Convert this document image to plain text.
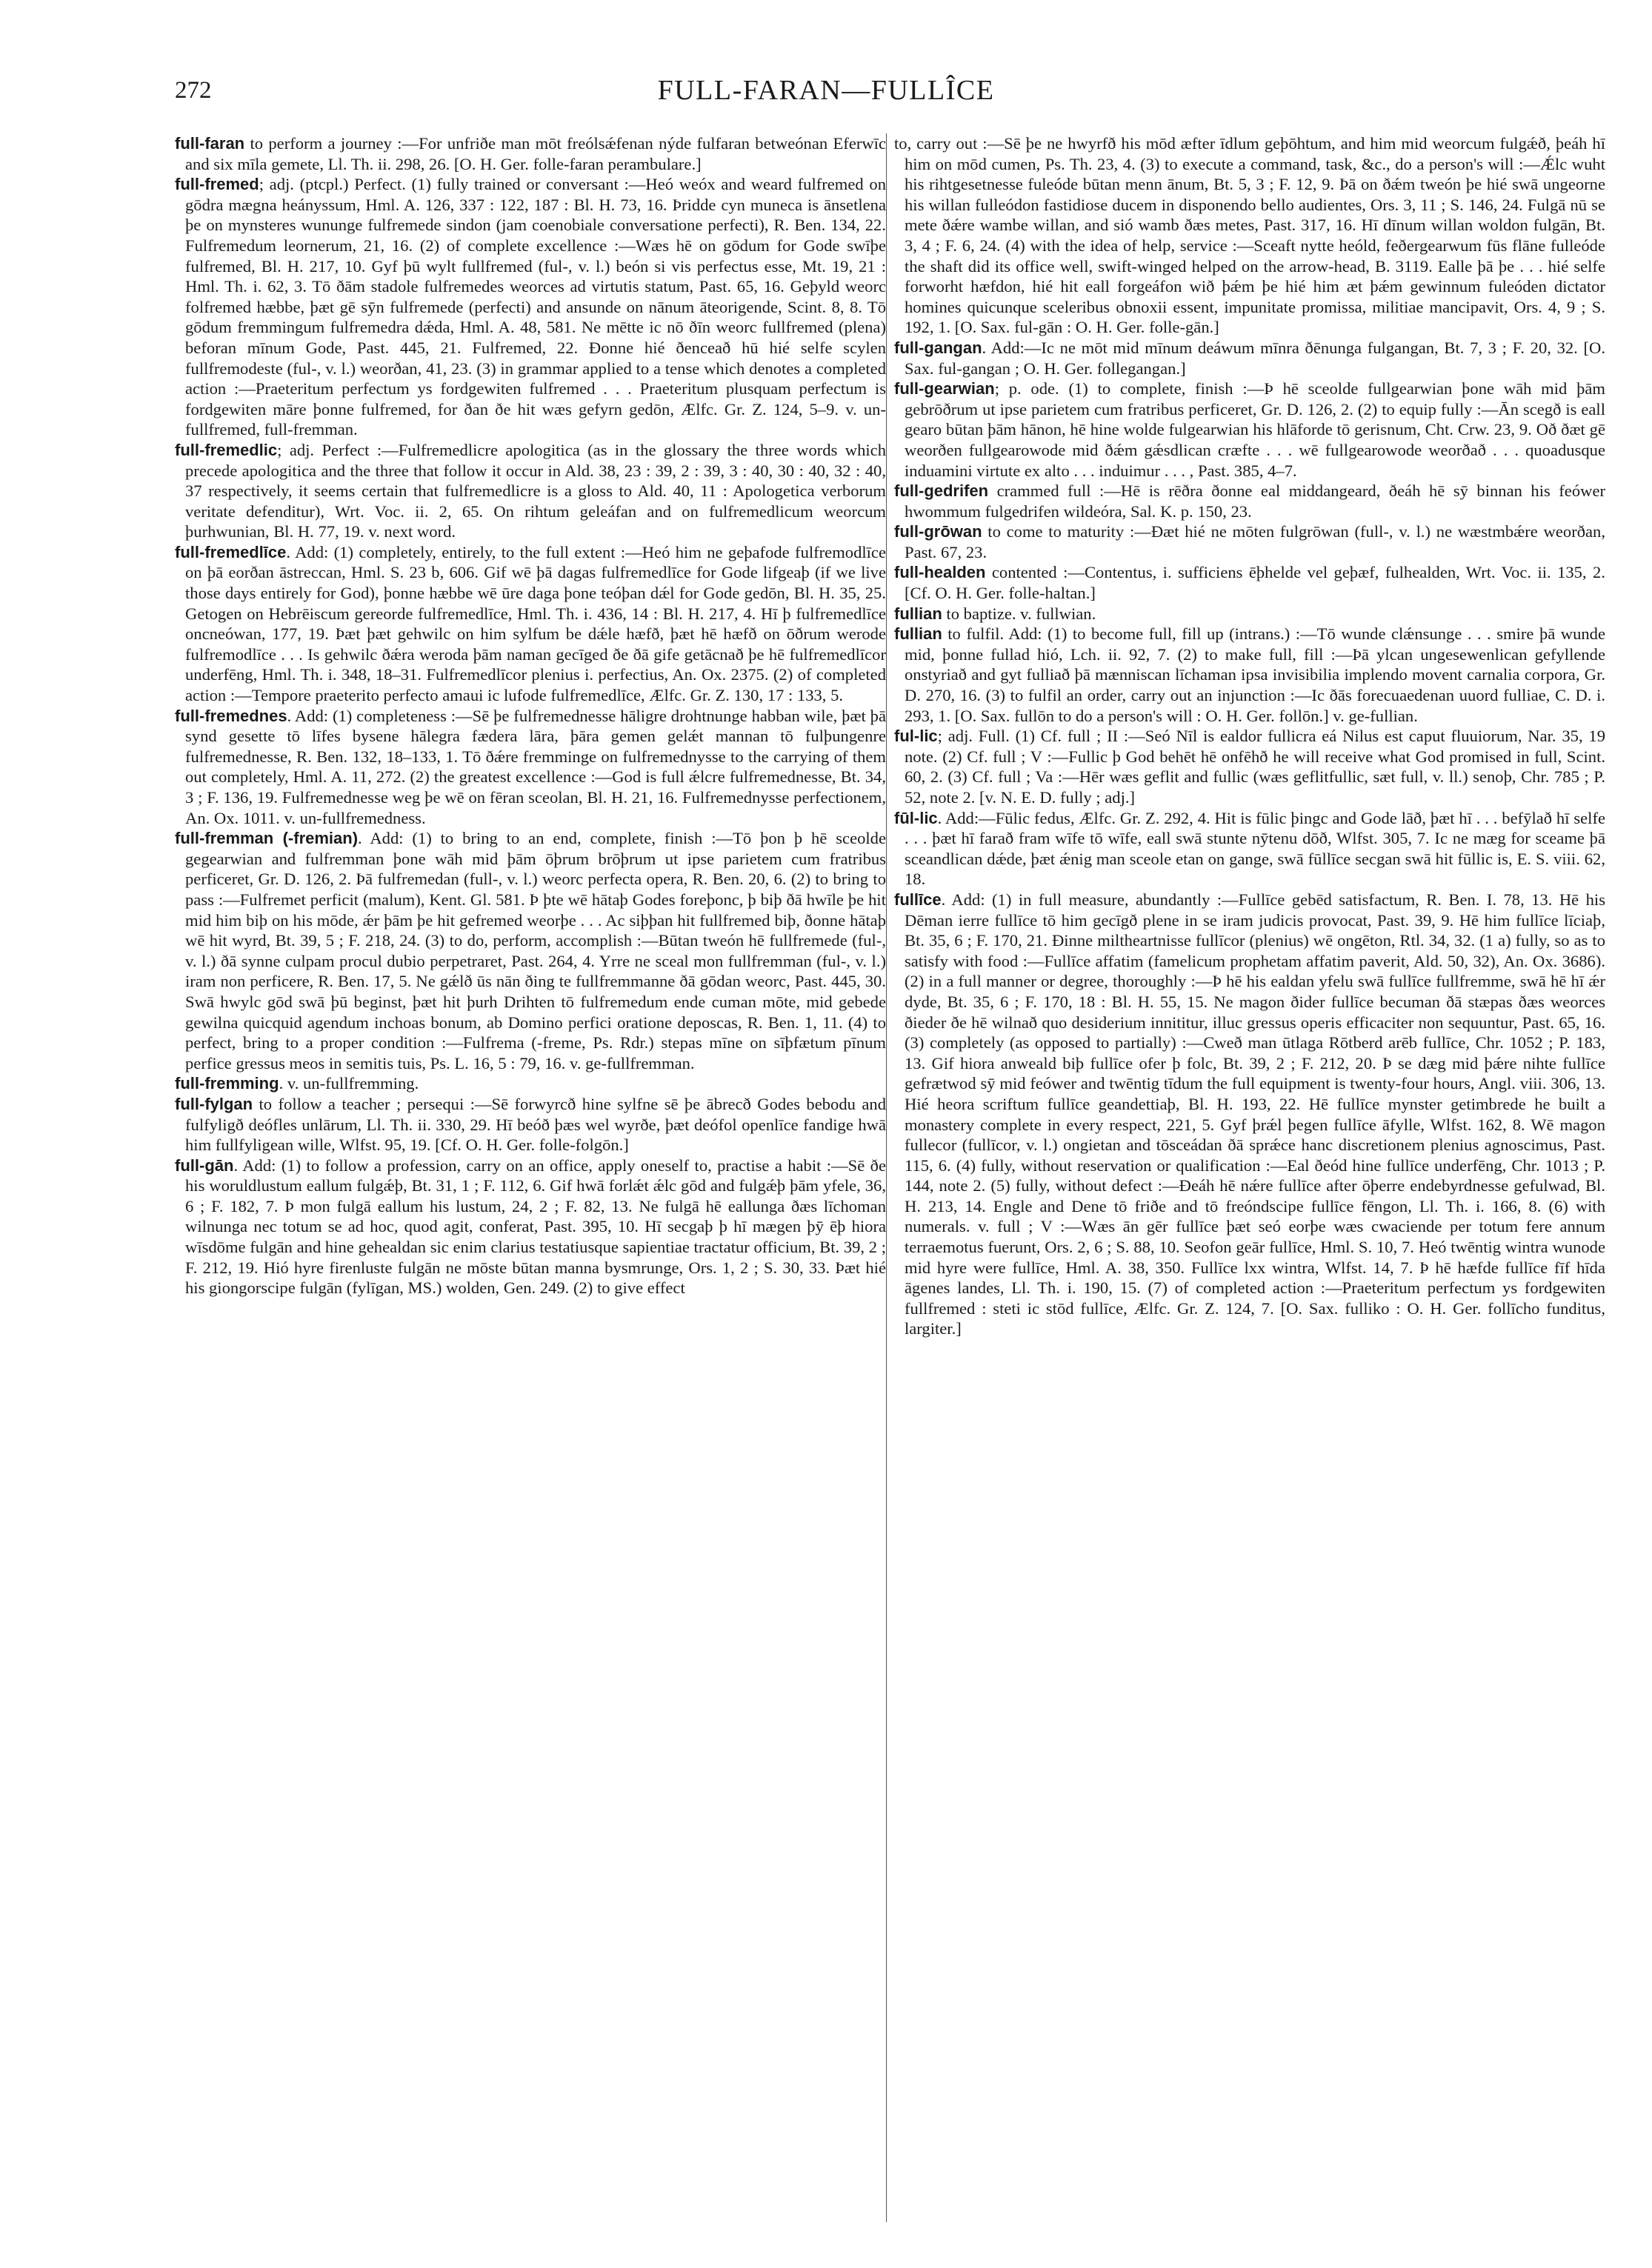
272	FULL-FARAN—FULLÎCE

full-faran to perform a journey :—For unfriðe man mōt freólsǽfenan nýde fulfaran betweónan Eferwīc and six mīla gemete, Ll. Th. ii. 298, 26. [O. H. Ger. folle-faran perambulare.]

full-fremed; adj. (ptcpl.) Perfect. (1) fully trained or conversant :—Heó weóx and weard fulfremed on gōdra mægna heányssum, Hml. A. 126, 337 : 122, 187 : Bl. H. 73, 16. Þridde cyn muneca is ānsetlena þe on mynsteres wununge fulfremede sindon (jam coenobiale conversatione perfecti), R. Ben. 134, 22. Fulfremedum leornerum, 21, 16. (2) of complete excellence :—Wæs hē on gōdum for Gode swīþe fulfremed, Bl. H. 217, 10. Gyf þū wylt fullfremed (ful-, v. l.) beón si vis perfectus esse, Mt. 19, 21 : Hml. Th. i. 62, 3. Tō ðām stadole fulfremedes weorces ad virtutis statum, Past. 65, 16. Geþyld weorc folfremed hæbbe, þæt gē sȳn fulfremede (perfecti) and ansunde on nānum āteorigende, Scint. 8, 8. Tō gōdum fremmingum fulfremedra dǽda, Hml. A. 48, 581. Ne mētte ic nō ðīn weorc fullfremed (plena) beforan mīnum Gode, Past. 445, 21. Fulfremed, 22. Ðonne hié ðenceað hū hié selfe scylen fullfremodeste (ful-, v. l.) weorðan, 41, 23. (3) in grammar applied to a tense which denotes a completed action :—Praeteritum perfectum ys fordgewiten fulfremed . . . Praeteritum plusquam perfectum is fordgewiten māre þonne fulfremed, for ðan ðe hit wæs gefyrn gedōn, Ælfc. Gr. Z. 124, 5–9. v. un-fullfremed, full-fremman.

full-fremedlic; adj. Perfect :—Fulfremedlicre apologitica (as in the glossary the three words which precede apologitica and the three that follow it occur in Ald. 38, 23 : 39, 2 : 39, 3 : 40, 30 : 40, 32 : 40, 37 respectively, it seems certain that fulfremedlicre is a gloss to Ald. 40, 11 : Apologetica verborum veritate defenditur), Wrt. Voc. ii. 2, 65. On rihtum geleáfan and on fulfremedlicum weorcum þurhwunian, Bl. H. 77, 19. v. next word.

full-fremedlīce. Add: (1) completely, entirely, to the full extent :—Heó him ne geþafode fulfremodlīce on þā eorðan āstreccan, Hml. S. 23 b, 606. Gif wē þā dagas fulfremedlīce for Gode lifgeaþ (if we live those days entirely for God), þonne hæbbe wē ūre daga þone teóþan dǽl for Gode gedōn, Bl. H. 35, 25. Getogen on Hebrēiscum gereorde fulfremedlīce, Hml. Th. i. 436, 14 : Bl. H. 217, 4. Hī þ fulfremedlīce oncneówan, 177, 19. Þæt þæt gehwilc on him sylfum be dǽle hæfð, þæt hē hæfð on ōðrum werode fulfremodlīce . . . Is gehwilc ðǽra weroda þām naman gecīged ðe ðā gife getācnað þe hē fulfremedlīcor underfēng, Hml. Th. i. 348, 18–31. Fulfremedlīcor plenius i. perfectius, An. Ox. 2375. (2) of completed action :—Tempore praeterito perfecto amaui ic lufode fulfremedlīce, Ælfc. Gr. Z. 130, 17 : 133, 5.

full-fremednes. Add: (1) completeness :—Sē þe fulfremednesse hāligre drohtnunge habban wile, þæt þā synd gesette tō līfes bysene hālegra fædera lāra, þāra gemen gelǽt mannan tō fulþungenre fulfremednesse, R. Ben. 132, 18–133, 1. Tō ðǽre fremminge on fulfremednysse to the carrying of them out completely, Hml. A. 11, 272. (2) the greatest excellence :—God is full ǽlcre fulfremednesse, Bt. 34, 3 ; F. 136, 19. Fulfremednesse weg þe wē on fēran sceolan, Bl. H. 21, 16. Fulfremednysse perfectionem, An. Ox. 1011. v. un-fullfremedness.

full-fremman (-fremian). Add: (1) to bring to an end, complete, finish :—Tō þon þ hē sceolde gegearwian and fulfremman þone wāh mid þām ōþrum brōþrum ut ipse parietem cum fratribus perficeret, Gr. D. 126, 2. Þā fulfremedan (full-, v. l.) weorc perfecta opera, R. Ben. 20, 6. (2) to bring to pass :—Fulfremet perficit (malum), Kent. Gl. 581. Þ þte wē hātaþ Godes foreþonc, þ biþ ðā hwīle þe hit mid him biþ on his mōde, ǽr þām þe hit gefremed weorþe . . . Ac siþþan hit fullfremed biþ, ðonne hātaþ wē hit wyrd, Bt. 39, 5 ; F. 218, 24. (3) to do, perform, accomplish :—Būtan tweón hē fullfremede (ful-, v. l.) ðā synne culpam procul dubio perpetraret, Past. 264, 4. Yrre ne sceal mon fullfremman (ful-, v. l.) iram non perficere, R. Ben. 17, 5. Ne gǽlð ūs nān ðing te fullfremmanne ðā gōdan weorc, Past. 445, 30. Swā hwylc gōd swā þū beginst, þæt hit þurh Drihten tō fulfremedum ende cuman mōte, mid gebede gewilna quicquid agendum inchoas bonum, ab Domino perfici oratione deposcas, R. Ben. 1, 11. (4) to perfect, bring to a proper condition :—Fulfrema (-freme, Ps. Rdr.) stepas mīne on sīþfætum pīnum perfice gressus meos in semitis tuis, Ps. L. 16, 5 : 79, 16. v. ge-fullfremman.

full-fremming. v. un-fullfremming.

full-fylgan to follow a teacher ; persequi :—Sē forwyrcð hine sylfne sē þe ābrecð Godes bebodu and fulfyligð deófles unlārum, Ll. Th. ii. 330, 29. Hī beóð þæs wel wyrðe, þæt deófol openlīce fandige hwā him fullfyligean wille, Wlfst. 95, 19. [Cf. O. H. Ger. folle-folgōn.]

full-gān. Add: (1) to follow a profession, carry on an office, apply oneself to, practise a habit :—Sē ðe his woruldlustum eallum fulgǽþ, Bt. 31, 1 ; F. 112, 6. Gif hwā forlǽt ǽlc gōd and fulgǽþ þām yfele, 36, 6 ; F. 182, 7. Þ mon fulgā eallum his lustum, 24, 2 ; F. 82, 13. Ne fulgā hē eallunga ðæs līchoman wilnunga nec totum se ad hoc, quod agit, conferat, Past. 395, 10. Hī secgaþ þ hī mægen þȳ ēþ hiora wīsdōme fulgān and hine gehealdan sic enim clarius testatiusque sapientiae tractatur officium, Bt. 39, 2 ; F. 212, 19. Hió hyre firenluste fulgān ne mōste būtan manna bysmrunge, Ors. 1, 2 ; S. 30, 33. Þæt hié his giongorscipe fulgān (fylīgan, MS.) wolden, Gen. 249. (2) to give effect

to, carry out :—Sē þe ne hwyrfð his mōd æfter īdlum geþōhtum, and him mid weorcum fulgǽð, þeáh hī him on mōd cumen, Ps. Th. 23, 4. (3) to execute a command, task, &c., do a person's will :—Ǽlc wuht his rihtgesetnesse fuleóde būtan menn ānum, Bt. 5, 3 ; F. 12, 9. Þā on ðǽm tweón þe hié swā ungeorne his willan fulleódon fastidiose ducem in disponendo bello audientes, Ors. 3, 11 ; S. 146, 24. Fulgā nū se mete ðǽre wambe willan, and sió wamb ðæs metes, Past. 317, 16. Hī dīnum willan woldon fulgān, Bt. 3, 4 ; F. 6, 24. (4) with the idea of help, service :—Sceaft nytte heóld, feðergearwum fūs flāne fulleóde the shaft did its office well, swift-winged helped on the arrow-head, B. 3119. Ealle þā þe . . . hié selfe forworht hæfdon, hié hit eall forgeáfon wið þǽm þe hié him æt þǽm gewinnum fuleóden dictator homines quicunque sceleribus obnoxii essent, impunitate promissa, militiae mancipavit, Ors. 4, 9 ; S. 192, 1. [O. Sax. ful-gān : O. H. Ger. folle-gān.]

full-gangan. Add:—Ic ne mōt mid mīnum deáwum mīnra ðēnunga fulgangan, Bt. 7, 3 ; F. 20, 32. [O. Sax. ful-gangan ; O. H. Ger. follegangan.]

full-gearwian; p. ode. (1) to complete, finish :—Þ hē sceolde fullgearwian þone wāh mid þām gebrōðrum ut ipse parietem cum fratribus perficeret, Gr. D. 126, 2. (2) to equip fully :—Ān scegð is eall gearo būtan þām hānon, hē hine wolde fulgearwian his hlāforde tō gerisnum, Cht. Crw. 23, 9. Oð ðæt gē weorðen fullgearowode mid ðǽm gǽsdlican cræfte . . . wē fullgearowode weorðað . . . quoadusque induamini virtute ex alto . . . induimur . . . , Past. 385, 4–7.

full-gedrifen crammed full :—Hē is rēðra ðonne eal middangeard, ðeáh hē sȳ binnan his feówer hwommum fulgedrifen wildeóra, Sal. K. p. 150, 23.

full-grōwan to come to maturity :—Ðæt hié ne mōten fulgrōwan (full-, v. l.) ne wæstmbǽre weorðan, Past. 67, 23.

full-healden contented :—Contentus, i. sufficiens ēþhelde vel geþæf, fulhealden, Wrt. Voc. ii. 135, 2. [Cf. O. H. Ger. folle-haltan.]

fullian to baptize. v. fullwian.

fullian to fulfil. Add: (1) to become full, fill up (intrans.) :—Tō wunde clǽnsunge . . . smire þā wunde mid, þonne fullad hió, Lch. ii. 92, 7. (2) to make full, fill :—Þā ylcan ungesewenlican gefyllende onstyriað and gyt fulliað þā mænniscan līchaman ipsa invisibilia implendo movent carnalia corpora, Gr. D. 270, 16. (3) to fulfil an order, carry out an injunction :—Ic ðās forecuaedenan uuord fulliae, C. D. i. 293, 1. [O. Sax. fullōn to do a person's will : O. H. Ger. follōn.] v. ge-fullian.

ful-lic; adj. Full. (1) Cf. full ; II :—Seó Nīl is ealdor fullicra eá Nilus est caput fluuiorum, Nar. 35, 19 note. (2) Cf. full ; V :—Fullic þ God behēt hē onfēhð he will receive what God promised in full, Scint. 60, 2. (3) Cf. full ; Va :—Hēr wæs geflit and fullic (wæs geflitfullic, sæt full, v. ll.) senoþ, Chr. 785 ; P. 52, note 2. [v. N. E. D. fully ; adj.]

fūl-lic. Add:—Fūlic fedus, Ælfc. Gr. Z. 292, 4. Hit is fūlic þingc and Gode lāð, þæt hī . . . befȳlað hī selfe . . . þæt hī farað fram wīfe tō wīfe, eall swā stunte nȳtenu dōð, Wlfst. 305, 7. Ic ne mæg for sceame þā sceandlican dǽde, þæt ǽnig man sceole etan on gange, swā fūllīce secgan swā hit fūllic is, E. S. viii. 62, 18.

fullīce. Add: (1) in full measure, abundantly :—Fullīce gebēd satisfactum, R. Ben. I. 78, 13. Hē his Dēman ierre fullīce tō him gecīgð plene in se iram judicis provocat, Past. 39, 9. Hē him fullīce līciaþ, Bt. 35, 6 ; F. 170, 21. Ðinne miltheartnisse fullīcor (plenius) wē ongēton, Rtl. 34, 32. (1 a) fully, so as to satisfy with food :—Fullīce affatim (famelicum prophetam affatim paverit, Ald. 50, 32), An. Ox. 3686). (2) in a full manner or degree, thoroughly :—Þ hē his ealdan yfelu swā fullīce fullfremme, swā hē hī ǽr dyde, Bt. 35, 6 ; F. 170, 18 : Bl. H. 55, 15. Ne magon ðider fullīce becuman ðā stæpas ðæs weorces ðieder ðe hē wilnað quo desiderium innititur, illuc gressus operis efficaciter non sequuntur, Past. 65, 16. (3) completely (as opposed to partially) :—Cweð man ūtlaga Rōtberd arēb fullīce, Chr. 1052 ; P. 183, 13. Gif hiora anweald biþ fullīce ofer þ folc, Bt. 39, 2 ; F. 212, 20. Þ se dæg mid þǽre nihte fullīce gefrætwod sȳ mid feówer and twēntig tīdum the full equipment is twenty-four hours, Angl. viii. 306, 13. Hié heora scriftum fullīce geandettiaþ, Bl. H. 193, 22. Hē fullīce mynster getimbrede he built a monastery complete in every respect, 221, 5. Gyf þrǽl þegen fullīce āfylle, Wlfst. 162, 8. Wē magon fullecor (fullīcor, v. l.) ongietan and tōsceádan ðā sprǽce hanc discretionem plenius agnoscimus, Past. 115, 6. (4) fully, without reservation or qualification :—Eal ðeód hine fullīce underfēng, Chr. 1013 ; P. 144, note 2. (5) fully, without defect :—Ðeáh hē nǽre fullīce after ōþerre endebyrdnesse gefulwad, Bl. H. 213, 14. Engle and Dene tō friðe and tō freóndscipe fullīce fēngon, Ll. Th. i. 166, 8. (6) with numerals. v. full ; V :—Wæs ān gēr fullīce þæt seó eorþe wæs cwaciende per totum fere annum terraemotus fuerunt, Ors. 2, 6 ; S. 88, 10. Seofon geār fullīce, Hml. S. 10, 7. Heó twēntig wintra wunode mid hyre were fullīce, Hml. A. 38, 350. Fullīce lxx wintra, Wlfst. 14, 7. Þ hē hæfde fullīce fīf hīda āgenes landes, Ll. Th. i. 190, 15. (7) of completed action :—Praeteritum perfectum ys fordgewiten fullfremed : steti ic stōd fullīce, Ælfc. Gr. Z. 124, 7. [O. Sax. fulliko : O. H. Ger. follīcho funditus, largiter.]
